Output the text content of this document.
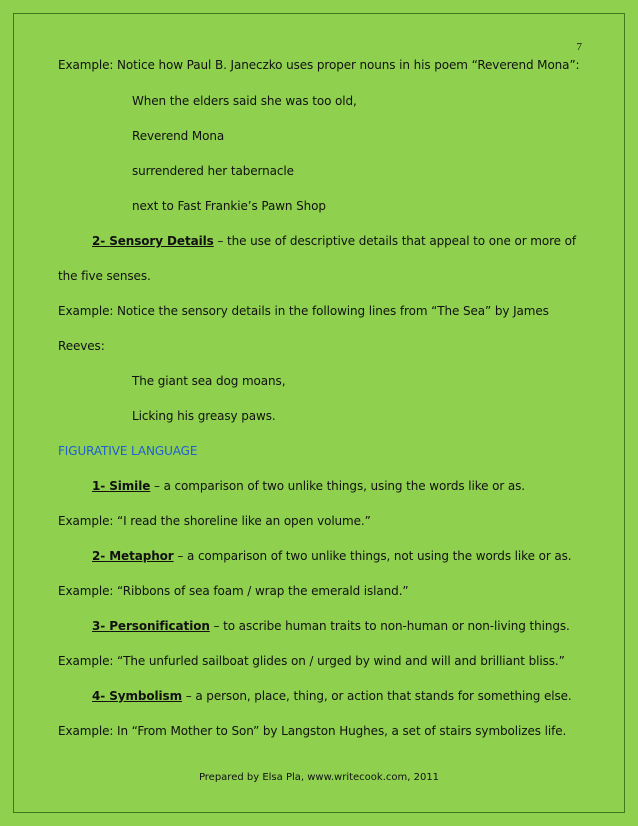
7
Example: Notice how Paul B. Janeczko uses proper nouns in his poem “Reverend Mona”:
When the elders said she was too old,
Reverend Mona
surrendered her tabernacle
next to Fast Frankie’s Pawn Shop
2- Sensory Details – the use of descriptive details that appeal to one or more of
the five senses.
Example: Notice the sensory details in the following lines from “The Sea” by James
Reeves:
The giant sea dog moans,
Licking his greasy paws.
FIGURATIVE LANGUAGE
1- Simile – a comparison of two unlike things, using the words like or as.
Example: “I read the shoreline like an open volume.”
2- Metaphor – a comparison of two unlike things, not using the words like or as.
Example: “Ribbons of sea foam / wrap the emerald island.”
3- Personification – to ascribe human traits to non-human or non-living things.
Example: “The unfurled sailboat glides on / urged by wind and will and brilliant bliss.”
4- Symbolism – a person, place, thing, or action that stands for something else.
Example: In “From Mother to Son” by Langston Hughes, a set of stairs symbolizes life.
Prepared by Elsa Pla, www.writecook.com, 2011
